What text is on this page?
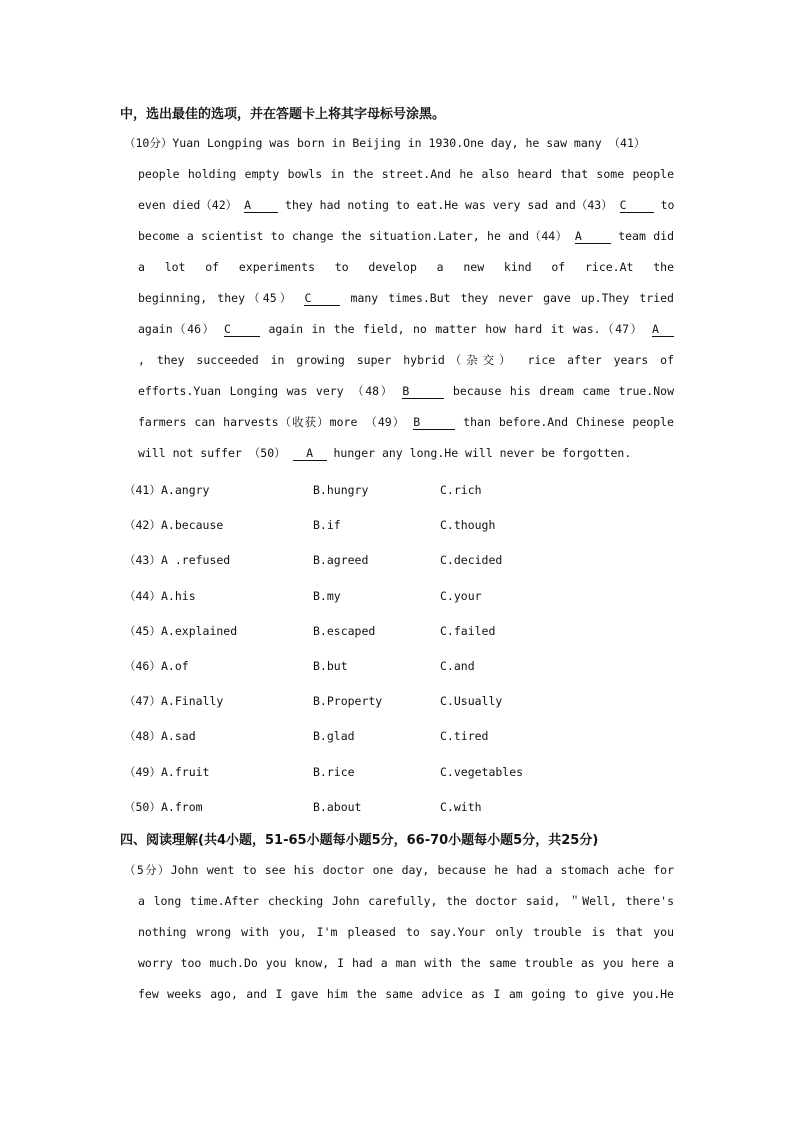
中，选出最佳的选项，并在答题卡上将其字母标号涂黑。
（10分）Yuan Longping was born in Beijing in 1930.One day, he saw many （41）
people holding empty bowls in the street.And he also heard that some people
even died（42） A	they had noting to eat.He was very sad and（43） C	to
become a scientist to change the situation.Later, he and（44） A	team did
a lot of experiments to develop a new kind of rice.At the
beginning, they（45） C	many times.But they never gave up.They tried
again（46） C	again in the field, no matter how hard it was.（47） A
, they succeeded in growing super hybrid（杂交） rice after years of
efforts.Yuan Longing was very （48） B	because his dream came true.Now
farmers can harvests（收获）more （49） B	than before.And Chinese people
will not suffer （50） A hunger any long.He will never be forgotten.
（41） A.angry	B.hungry	C.rich
（42） A.because	B.if	C.though
（43） A .refused	B.agreed	C.decided
（44） A.his	B.my	C.your
（45） A.explained	B.escaped	C.failed
（46） A.of	B.but	C.and
（47） A.Finally	B.Property	C.Usually
（48） A.sad	B.glad	C.tired
（49） A.fruit	B.rice	C.vegetables
（50） A.from	B.about	C.with
四、阅读理解(共4小题，51-65小题每小题5分，66-70小题每小题5分，共25分)
（5分）John went to see his doctor one day, because he had a stomach ache for
a long time.After checking John carefully, the doctor said, ＂Well, there's
nothing wrong with you, I'm pleased to say.Your only trouble is that you
worry too much.Do you know, I had a man with the same trouble as you here a
few weeks ago, and I gave him the same advice as I am going to give you.He
